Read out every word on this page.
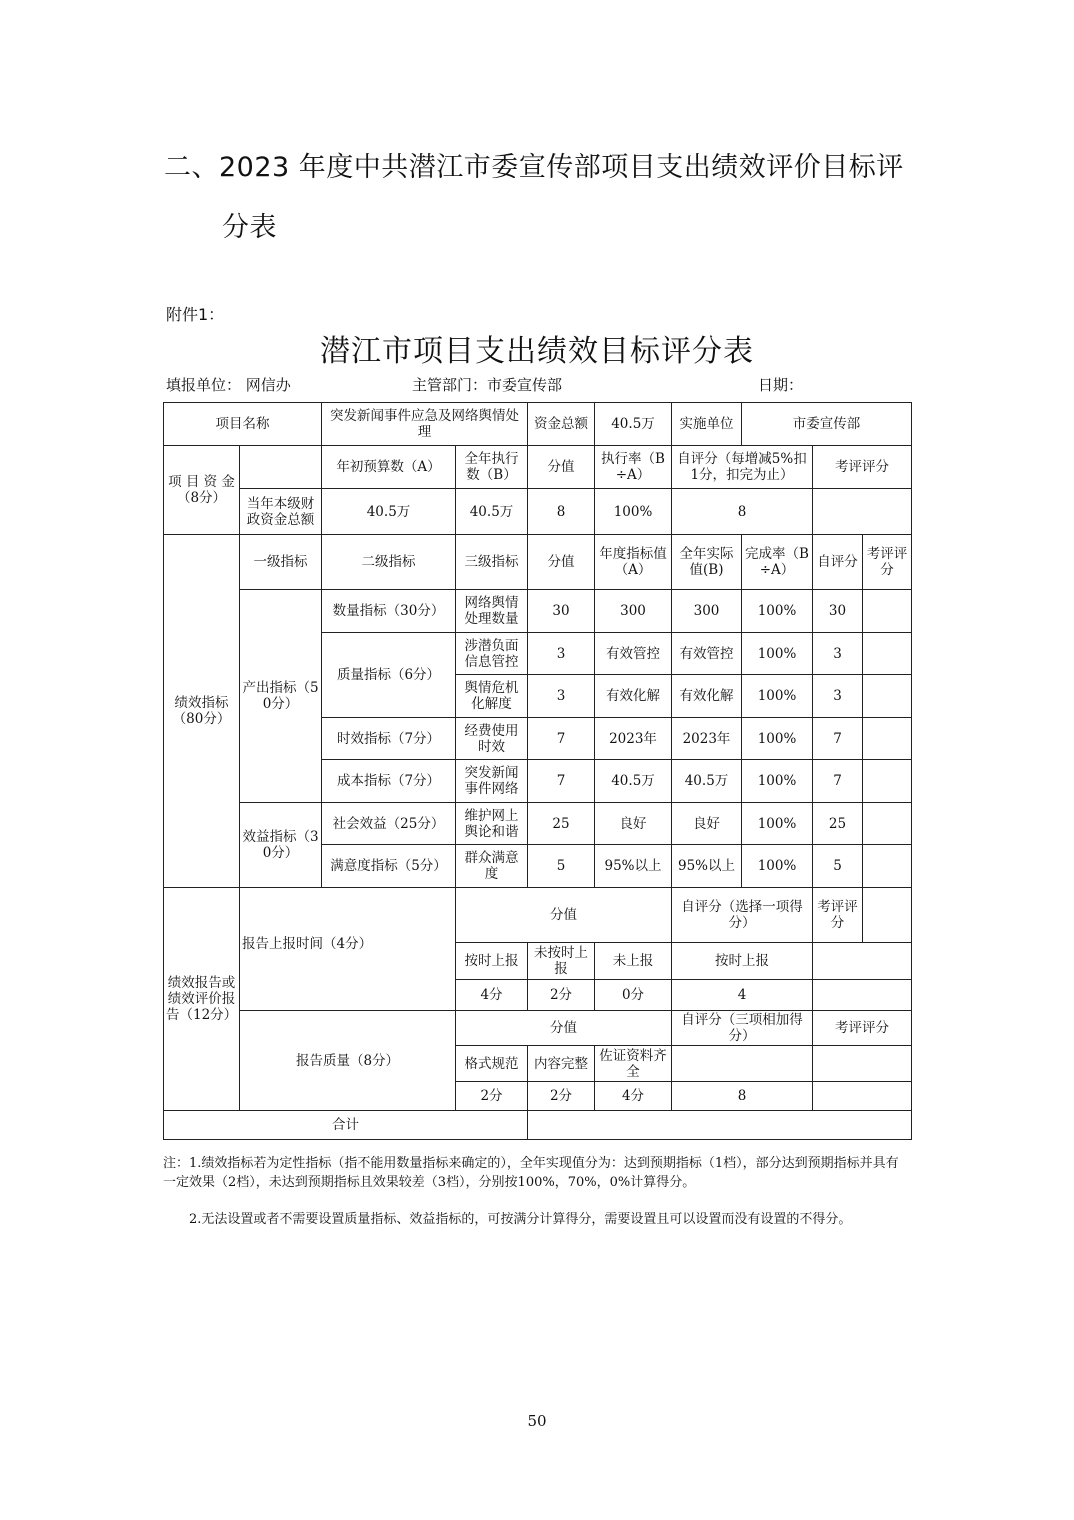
二、2023 年度中共潜江市委宣传部项目支出绩效评价目标评
分表
附件1：
潜江市项目支出绩效目标评分表
填报单位： 网信办	主管部门：市委宣传部	日期：
项目名称		突发新闻事件应急及网络舆情处理		资金总额	40.5万	实施单位	市委宣传部		
项 目 资 金（8分）		年初预算数（A）	全年执行数（B）	分值	执行率（B÷A）	自评分（每增减5%扣1分，扣完为止）		考评评分	
	当年本级财政资金总额	40.5万	40.5万	8	100%	8			
绩效指标（80分）	一级指标	二级指标	三级指标	分值	年度指标值（A）	全年实际值(B)	完成率（B÷A）	自评分	考评评分
	产出指标（50分）	数量指标（30分）	网络舆情处理数量	30	300	300	100%	30	
		质量指标（6分）	涉潜负面信息管控	3	有效管控	有效管控	100%	3	
			舆情危机化解度	3	有效化解	有效化解	100%	3	
		时效指标（7分）	经费使用时效	7	2023年	2023年	100%	7	
		成本指标（7分）	突发新闻事件网络	7	40.5万	40.5万	100%	7	
	效益指标（30分）	社会效益（25分）	维护网上舆论和谐	25	良好	良好	100%	25	
		满意度指标（5分）	群众满意度	5	95%以上	95%以上	100%	5	
绩效报告或绩效评价报告（12分）	报告上报时间（4分）		分值			自评分（选择一项得分）		考评评分	
			按时上报	未按时上报	未上报	按时上报			
			4分	2分	0分	4			
	报告质量（8分）		分值			自评分（三项相加得分）		考评评分	
			格式规范	内容完整	佐证资料齐全				
			2分	2分	4分	8			
合计									

注：1.绩效指标若为定性指标（指不能用数量指标来确定的），全年实现值分为：达到预期指标（1档），部分达到预期指标并具有一定效果（2档），未达到预期指标且效果较差（3档），分别按100%，70%，0%计算得分。

2.无法设置或者不需要设置质量指标、效益指标的，可按满分计算得分，需要设置且可以设置而没有设置的不得分。

50
